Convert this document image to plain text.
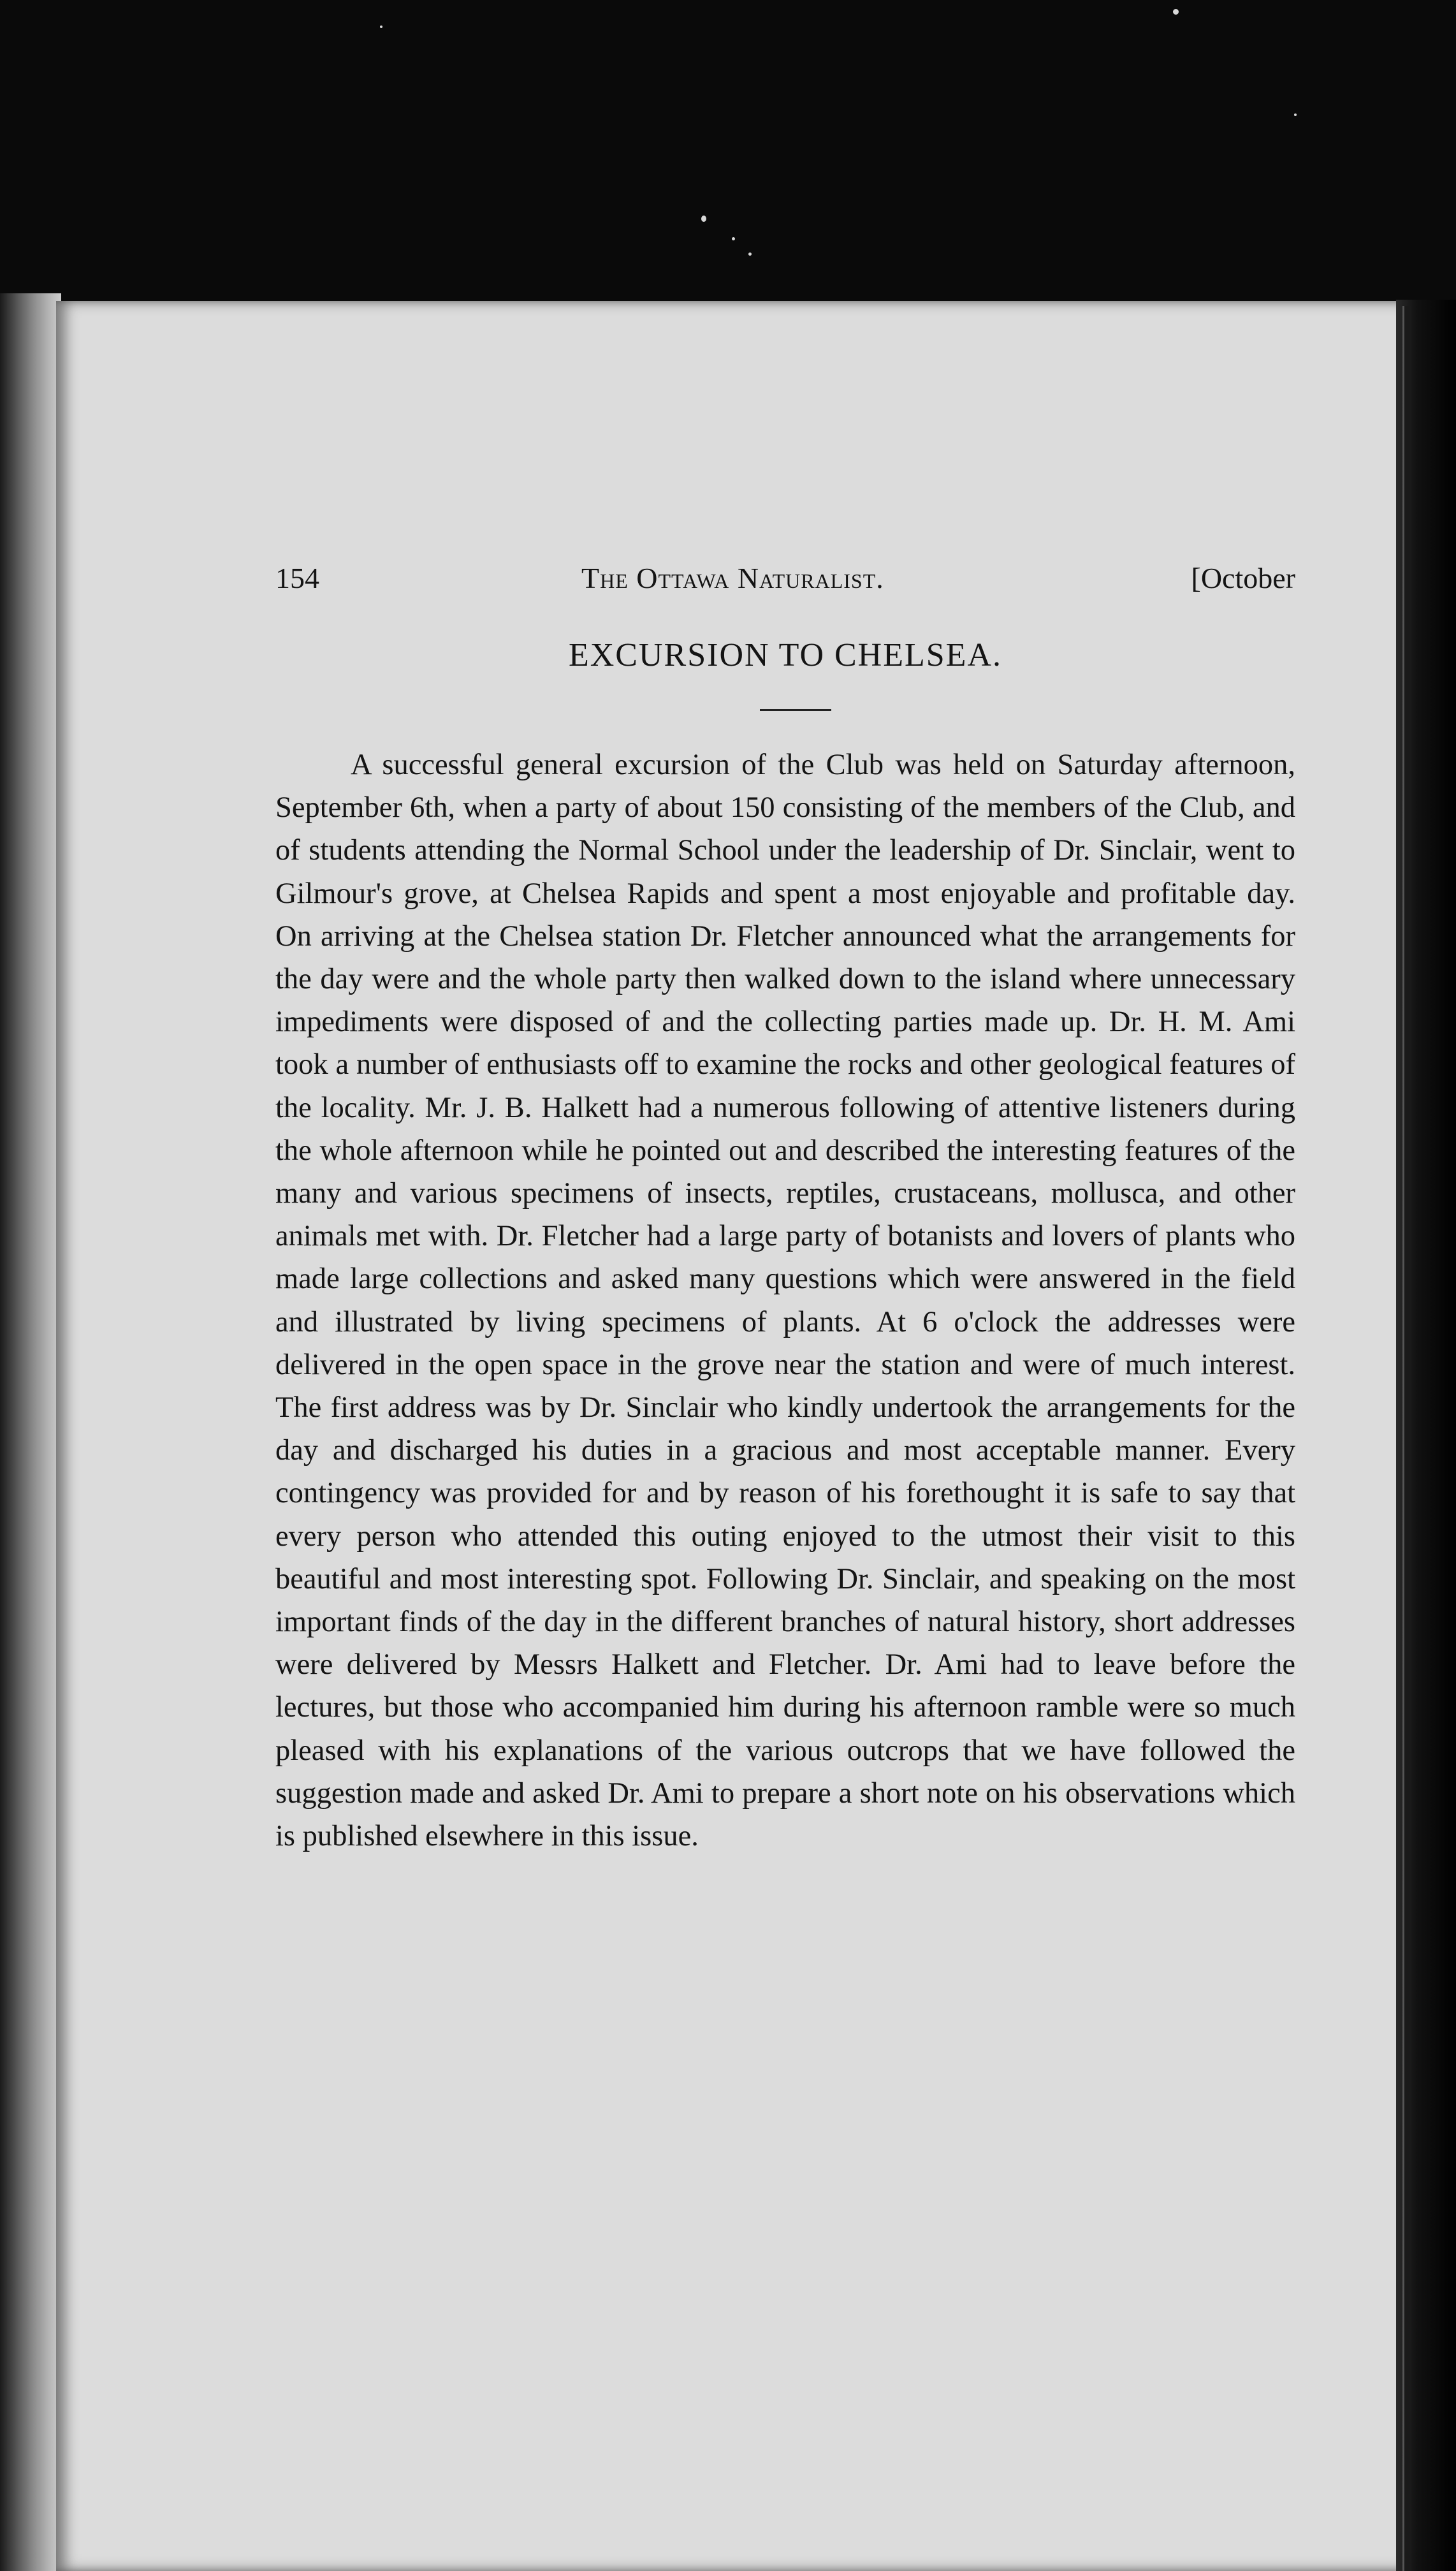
154	The Ottawa Naturalist.	[October
EXCURSION TO CHELSEA.

A successful general excursion of the Club was held on Saturday afternoon, September 6th, when a party of about 150 consisting of the members of the Club, and of students attending the Normal School under the leadership of Dr. Sinclair, went to Gilmour's grove, at Chelsea Rapids and spent a most enjoyable and profitable day. On arriving at the Chelsea station Dr. Fletcher announced what the arrangements for the day were and the whole party then walked down to the island where unnecessary impediments were disposed of and the collecting parties made up. Dr. H. M. Ami took a number of enthusiasts off to examine the rocks and other geological features of the locality. Mr. J. B. Halkett had a numerous following of attentive listeners during the whole afternoon while he pointed out and described the interesting features of the many and various specimens of insects, reptiles, crustaceans, mollusca, and other animals met with. Dr. Fletcher had a large party of botanists and lovers of plants who made large collections and asked many questions which were answered in the field and illustrated by living specimens of plants. At 6 o'clock the addresses were delivered in the open space in the grove near the station and were of much interest. The first address was by Dr. Sinclair who kindly undertook the arrangements for the day and discharged his duties in a gracious and most acceptable manner. Every contingency was provided for and by reason of his forethought it is safe to say that every person who attended this outing enjoyed to the utmost their visit to this beautiful and most interesting spot. Following Dr. Sinclair, and speaking on the most important finds of the day in the different branches of natural history, short addresses were delivered by Messrs Halkett and Fletcher. Dr. Ami had to leave before the lectures, but those who accompanied him during his afternoon ramble were so much pleased with his explanations of the various outcrops that we have followed the suggestion made and asked Dr. Ami to prepare a short note on his observations which is published elsewhere in this issue.
